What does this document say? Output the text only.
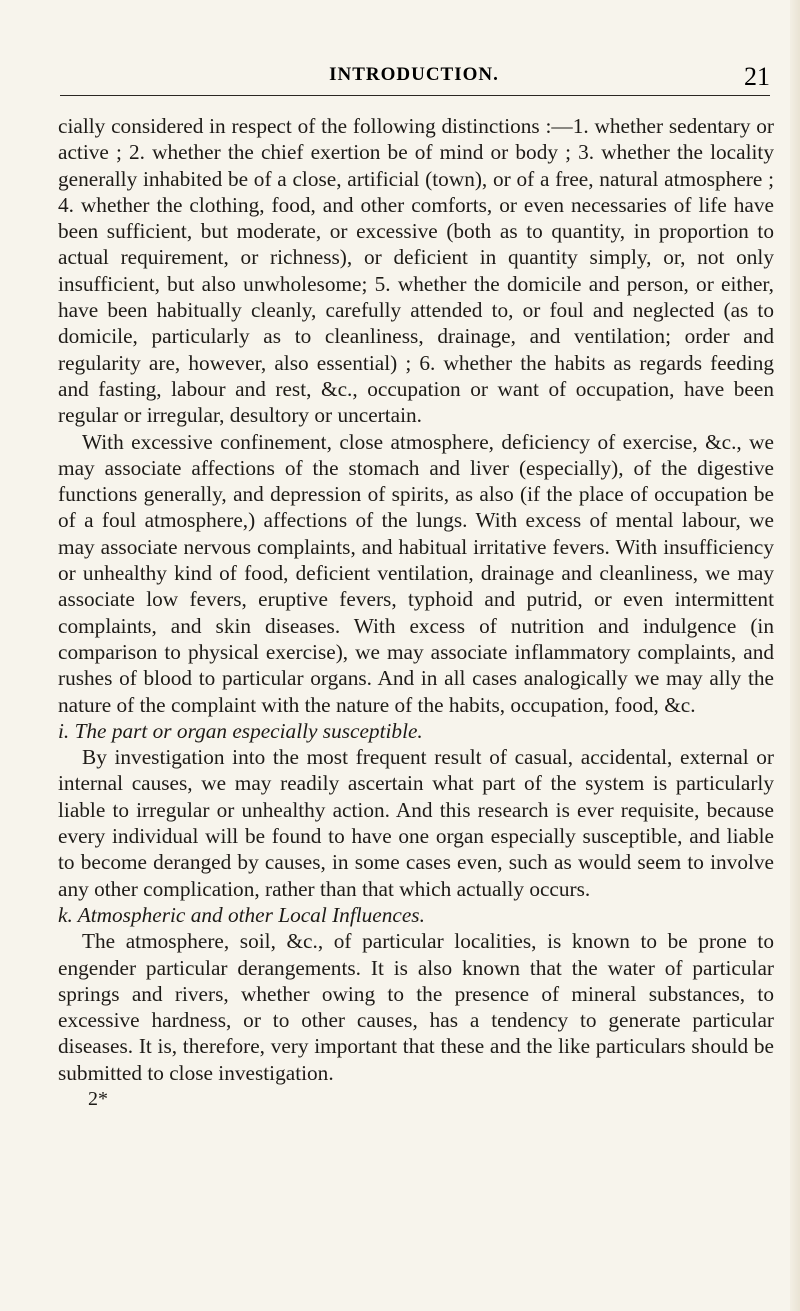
INTRODUCTION.	21

cially considered in respect of the following distinctions :—1. whether sedentary or active ; 2. whether the chief exertion be of mind or body ; 3. whether the locality generally inhabited be of a close, artificial (town), or of a free, natural atmosphere ; 4. whether the clothing, food, and other comforts, or even necessaries of life have been sufficient, but moderate, or excessive (both as to quantity, in proportion to actual requirement, or richness), or deficient in quantity simply, or, not only insufficient, but also unwholesome; 5. whether the domicile and person, or either, have been habitually cleanly, carefully attended to, or foul and neglected (as to domicile, particularly as to cleanliness, drainage, and ventilation; order and regularity are, however, also essential) ; 6. whether the habits as regards feeding and fasting, labour and rest, &c., occupation or want of occupation, have been regular or irregular, desultory or uncertain.

With excessive confinement, close atmosphere, deficiency of exercise, &c., we may associate affections of the stomach and liver (especially), of the digestive functions generally, and depression of spirits, as also (if the place of occupation be of a foul atmosphere,) affections of the lungs. With excess of mental labour, we may associate nervous complaints, and habitual irritative fevers. With insufficiency or unhealthy kind of food, deficient ventilation, drainage and cleanliness, we may associate low fevers, eruptive fevers, typhoid and putrid, or even intermittent complaints, and skin diseases. With excess of nutrition and indulgence (in comparison to physical exercise), we may associate inflammatory complaints, and rushes of blood to particular organs. And in all cases analogically we may ally the nature of the complaint with the nature of the habits, occupation, food, &c.

i. The part or organ especially susceptible.

By investigation into the most frequent result of casual, accidental, external or internal causes, we may readily ascertain what part of the system is particularly liable to irregular or unhealthy action. And this research is ever requisite, because every individual will be found to have one organ especially susceptible, and liable to become deranged by causes, in some cases even, such as would seem to involve any other complication, rather than that which actually occurs.

k. Atmospheric and other Local Influences.

The atmosphere, soil, &c., of particular localities, is known to be prone to engender particular derangements. It is also known that the water of particular springs and rivers, whether owing to the presence of mineral substances, to excessive hardness, or to other causes, has a tendency to generate particular diseases. It is, therefore, very important that these and the like particulars should be submitted to close investigation.

2*
